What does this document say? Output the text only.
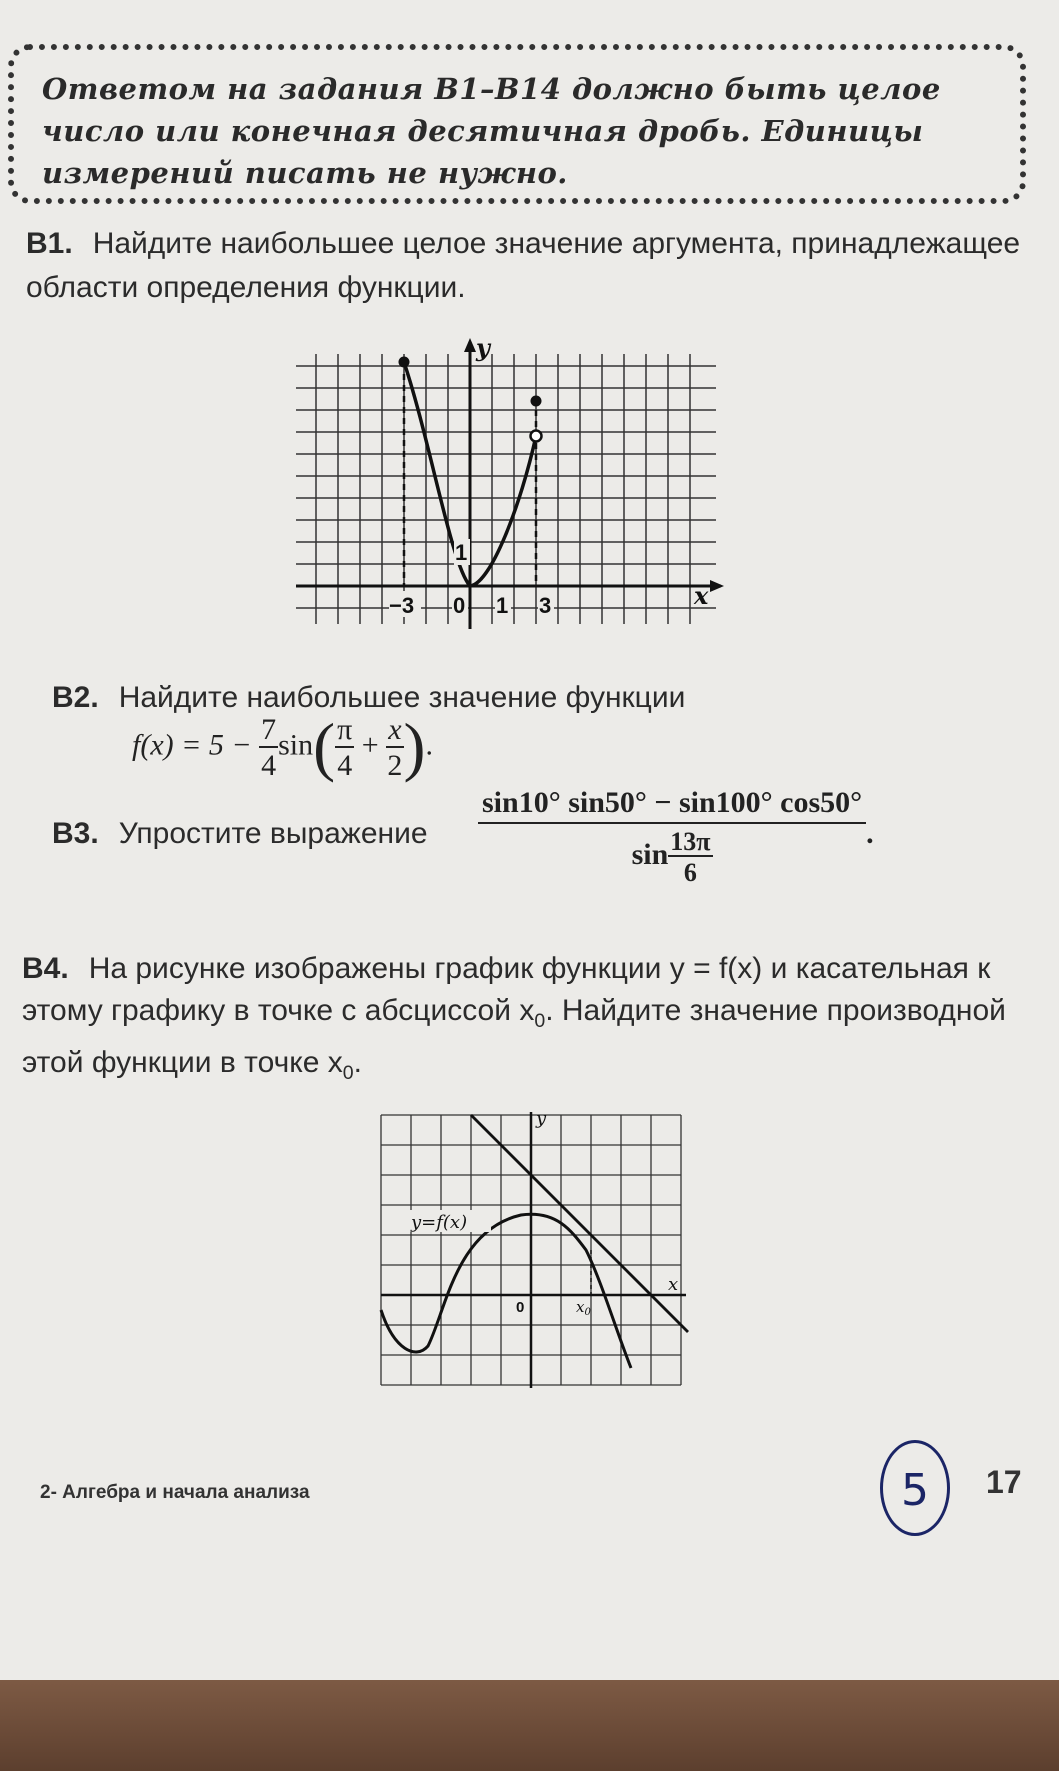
Ответом на задания B1–B14 должно быть целое число или конечная десятичная дробь. Единицы измерений писать не нужно.
B1. Найдите наибольшее целое значение аргумента, принадлежащее области определения функции.
y
x
1
−3 0 1 3
B2. Найдите наибольшее значение функции
$f(x) = 5 - \frac{7}{4} \sin( \frac{\pi}{4} + \frac{x}{2}$ ).
B3. Упростите выражение	$\frac{\sin 10^\circ \sin 50^\circ - \sin 100^\circ \cos 50^\circ}{\sin \frac{13\pi}{6}}$ .
B4. На рисунке изображены график функции y = f(x) и касательная к этому графику в точке с абсциссой $x_0$. Найдите значение производной этой функции в точке $x_0$.
y
x
y=f(x)
0	$x_0$
2- Алгебра и начала анализа	5	17
